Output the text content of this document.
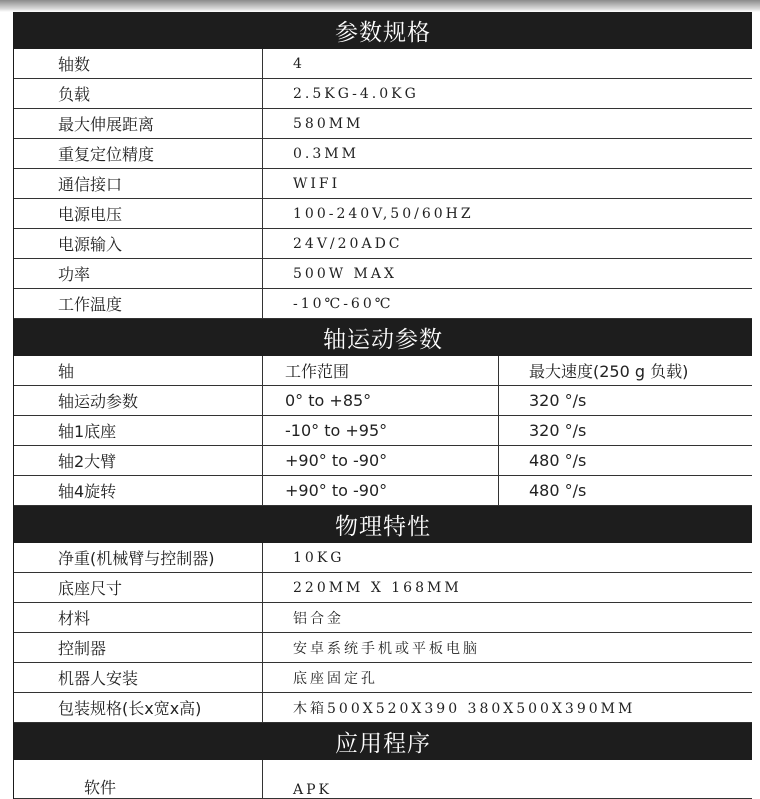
参数规格
轴数	4
负载	2.5KG-4.0KG
最大伸展距离	580MM
重复定位精度	0.3MM
通信接口	WIFI
电源电压	100-240V,50/60HZ
电源输入	24V/20ADC
功率	500W MAX
工作温度	-10℃-60℃
轴运动参数
轴	工作范围	最大速度(250 g 负载)
轴运动参数	0° to +85°	320 °/s
轴1底座	-10° to +95°	320 °/s
轴2大臂	+90° to -90°	480 °/s
轴4旋转	+90° to -90°	480 °/s
物理特性
净重(机械臂与控制器)	10KG
底座尺寸	220MM X 168MM
材料	铝合金
控制器	安卓系统手机或平板电脑
机器人安装	底座固定孔
包装规格(长x宽x高)	木箱500X520X390 380X500X390MM
应用程序
软件	APK
